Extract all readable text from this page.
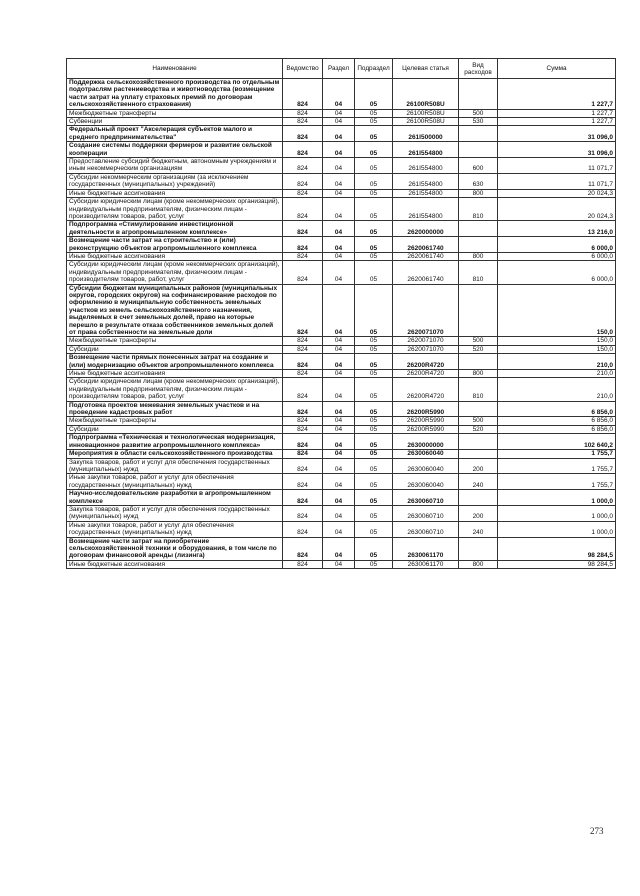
Наименование	Ведомство	Раздел	Подраздел	Целевая статья	Вид расходов	Сумма
Поддержка сельскохозяйственного производства по отдельным подотраслям растениеводства и животноводства (возмещение части затрат на уплату страховых премий по договорам сельскохозяйственного страхования)	824	04	05	26100R508U		1 227,7
Межбюджетные трансферты	824	04	05	26100R508U	500	1 227,7
Субвенции	824	04	05	26100R508U	530	1 227,7
Федеральный проект "Акселерация субъектов малого и среднего предпринимательства"	824	04	05	261I500000		31 096,0
Создание системы поддержки фермеров и развитие сельской кооперации	824	04	05	261I554800		31 096,0
Предоставление субсидий бюджетным, автономным учреждениям и иным некоммерческим организациям	824	04	05	261I554800	600	11 071,7
Субсидии некоммерческим организациям (за исключением государственных (муниципальных) учреждений)	824	04	05	261I554800	630	11 071,7
Иные бюджетные ассигнования	824	04	05	261I554800	800	20 024,3
Субсидии юридическим лицам (кроме некоммерческих организаций), индивидуальным предпринимателям, физическим лицам - производителям товаров, работ, услуг	824	04	05	261I554800	810	20 024,3
Подпрограмма «Стимулирование инвестиционной деятельности в агропромышленном комплексе»	824	04	05	2620000000		13 216,0
Возмещение части затрат на строительство и (или) реконструкцию объектов агропромышленного комплекса	824	04	05	2620061740		6 000,0
Иные бюджетные ассигнования	824	04	05	2620061740	800	6 000,0
Субсидии юридическим лицам (кроме некоммерческих организаций), индивидуальным предпринимателям, физическим лицам - производителям товаров, работ, услуг	824	04	05	2620061740	810	6 000,0
Субсидии бюджетам муниципальных районов (муниципальных округов, городских округов) на софинансирование расходов по оформлению в муниципальную собственность земельных участков из земель сельскохозяйственного назначения, выделяемых в счет земельных долей, право на которые перешло в результате отказа собственников земельных долей от права собственности на земельные доли	824	04	05	2620071070		150,0
Межбюджетные трансферты	824	04	05	2620071070	500	150,0
Субсидии	824	04	05	2620071070	520	150,0
Возмещение части прямых понесенных затрат на создание и (или) модернизацию объектов агропромышленного комплекса	824	04	05	26200R4720		210,0
Иные бюджетные ассигнования	824	04	05	26200R4720	800	210,0
Субсидии юридическим лицам (кроме некоммерческих организаций), индивидуальным предпринимателям, физическим лицам - производителям товаров, работ, услуг	824	04	05	26200R4720	810	210,0
Подготовка проектов межевания земельных участков и на проведение кадастровых работ	824	04	05	26200R5990		6 856,0
Межбюджетные трансферты	824	04	05	26200R5990	500	6 856,0
Субсидии	824	04	05	26200R5990	520	6 856,0
Подпрограмма «Техническая и технологическая модернизация, инновационное развитие агропромышленного комплекса»	824	04	05	2630000000		102 640,2
Мероприятия в области сельскохозяйственного производства	824	04	05	2630060040		1 755,7
Закупка товаров, работ и услуг для обеспечения государственных (муниципальных) нужд	824	04	05	2630060040	200	1 755,7
Иные закупки товаров, работ и услуг для обеспечения государственных (муниципальных) нужд	824	04	05	2630060040	240	1 755,7
Научно-исследовательские разработки в агропромышленном комплексе	824	04	05	2630060710		1 000,0
Закупка товаров, работ и услуг для обеспечения государственных (муниципальных) нужд	824	04	05	2630060710	200	1 000,0
Иные закупки товаров, работ и услуг для обеспечения государственных (муниципальных) нужд	824	04	05	2630060710	240	1 000,0
Возмещение части затрат на приобретение сельскохозяйственной техники и оборудования, в том числе по договорам финансовой аренды (лизинга)	824	04	05	2630061170		98 284,5
Иные бюджетные ассигнования	824	04	05	2630061170	800	98 284,5
273
